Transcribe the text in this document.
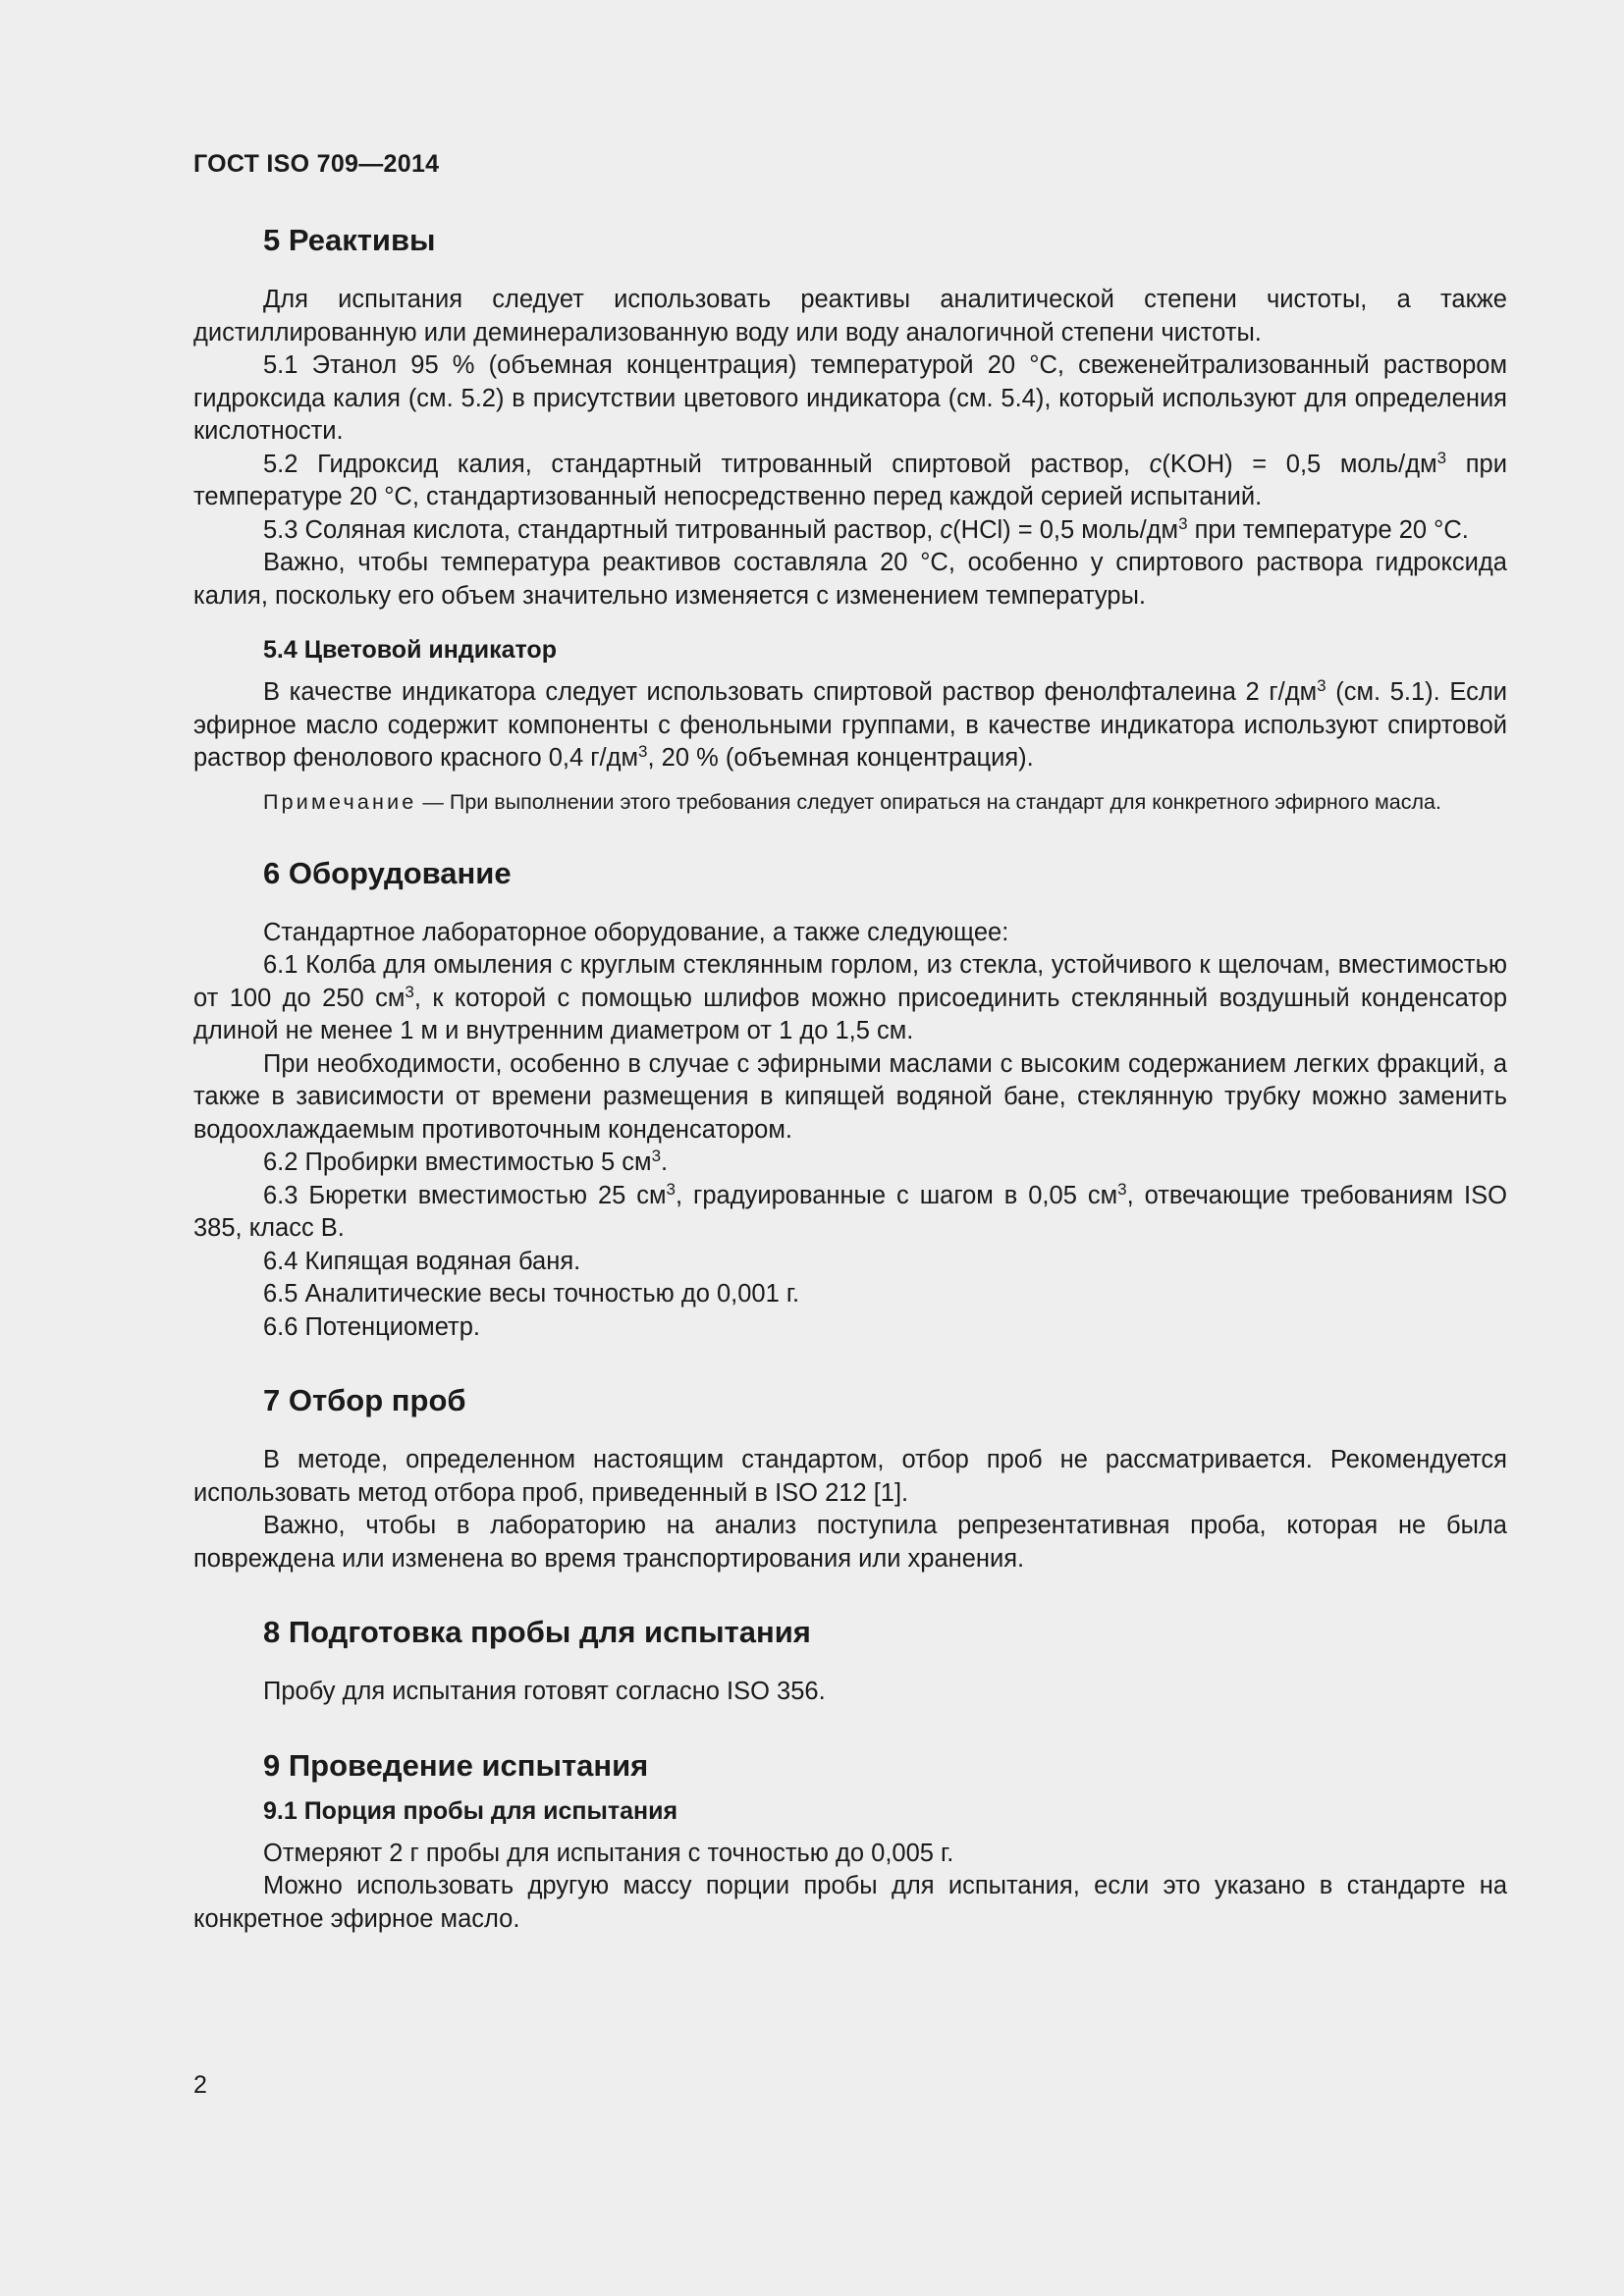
ГОСТ ISO 709—2014
5 Реактивы

Для испытания следует использовать реактивы аналитической степени чистоты, а также дистиллированную или деминерализованную воду или воду аналогичной степени чистоты.

5.1 Этанол 95 % (объемная концентрация) температурой 20 °C, свеженейтрализованный раствором гидроксида калия (см. 5.2) в присутствии цветового индикатора (см. 5.4), который используют для определения кислотности.

5.2 Гидроксид калия, стандартный титрованный спиртовой раствор, c(KOH) = 0,5 моль/$дм^3$ при температуре 20 °C, стандартизованный непосредственно перед каждой серией испытаний.

5.3 Соляная кислота, стандартный титрованный раствор, c(HCl) = 0,5 моль/$дм^3$ при температуре 20 °C.

Важно, чтобы температура реактивов составляла 20 °C, особенно у спиртового раствора гидроксида калия, поскольку его объем значительно изменяется с изменением температуры.

5.4 Цветовой индикатор

В качестве индикатора следует использовать спиртовой раствор фенолфталеина 2 $г/дм^3$ (см. 5.1). Если эфирное масло содержит компоненты с фенольными группами, в качестве индикатора используют спиртовой раствор фенолового красного 0,4 $г/дм^3$, 20 % (объемная концентрация).

Примечание — При выполнении этого требования следует опираться на стандарт для конкретного эфирного масла.

6 Оборудование

Стандартное лабораторное оборудование, а также следующее:

6.1 Колба для омыления с круглым стеклянным горлом, из стекла, устойчивого к щелочам, вместимостью от 100 до 250 $см^3$, к которой с помощью шлифов можно присоединить стеклянный воздушный конденсатор длиной не менее 1 м и внутренним диаметром от 1 до 1,5 см.

При необходимости, особенно в случае с эфирными маслами с высоким содержанием легких фракций, а также в зависимости от времени размещения в кипящей водяной бане, стеклянную трубку можно заменить водоохлаждаемым противоточным конденсатором.

6.2 Пробирки вместимостью 5 $см^3$.

6.3 Бюретки вместимостью 25 $см^3$, градуированные с шагом в 0,05 $см^3$, отвечающие требованиям ISO 385, класс В.

6.4 Кипящая водяная баня.

6.5 Аналитические весы точностью до 0,001 г.

6.6 Потенциометр.

7 Отбор проб

В методе, определенном настоящим стандартом, отбор проб не рассматривается. Рекомендуется использовать метод отбора проб, приведенный в ISO 212 [1].

Важно, чтобы в лабораторию на анализ поступила репрезентативная проба, которая не была повреждена или изменена во время транспортирования или хранения.

8 Подготовка пробы для испытания

Пробу для испытания готовят согласно ISO 356.

9 Проведение испытания
9.1 Порция пробы для испытания

Отмеряют 2 г пробы для испытания с точностью до 0,005 г.

Можно использовать другую массу порции пробы для испытания, если это указано в стандарте на конкретное эфирное масло.

2
